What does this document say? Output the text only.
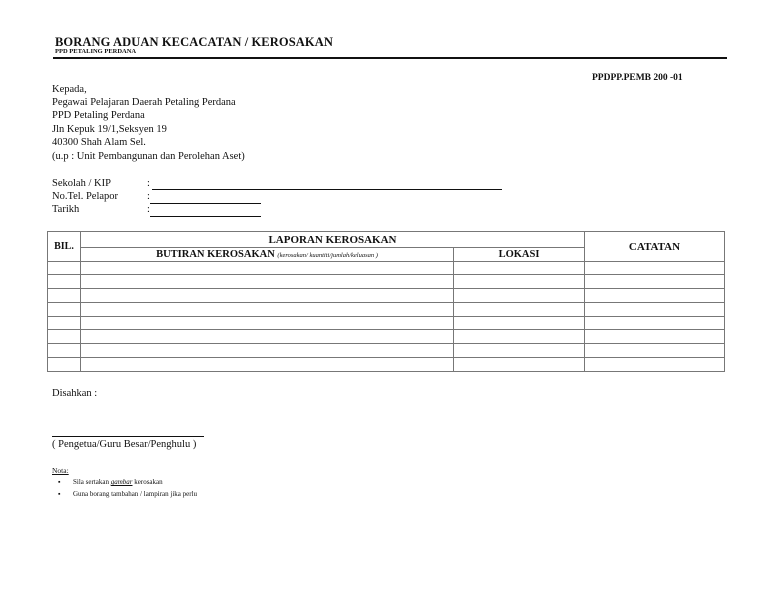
BORANG ADUAN KECACATAN / KEROSAKAN
PPD PETALING PERDANA
PPDPP.PEMB 200 -01
Kepada,
Pegawai Pelajaran Daerah Petaling Perdana
PPD Petaling Perdana
Jln Kepuk 19/1,Seksyen 19
40300 Shah Alam Sel.
(u.p : Unit Pembangunan dan Perolehan Aset)
Sekolah / KIP	:
No.Tel. Pelapor	:
Tarikh	:
BIL.	LAPORAN KEROSAKAN		CATATAN
	BUTIRAN KEROSAKAN (kerosakan/ kuantiti/jumlah/keluasan )	LOKASI	

Disahkan :
( Pengetua/Guru Besar/Penghulu )
Nota:
▪ Sila sertakan gambar kerosakan
▪ Guna borang tambahan / lampiran jika perlu
